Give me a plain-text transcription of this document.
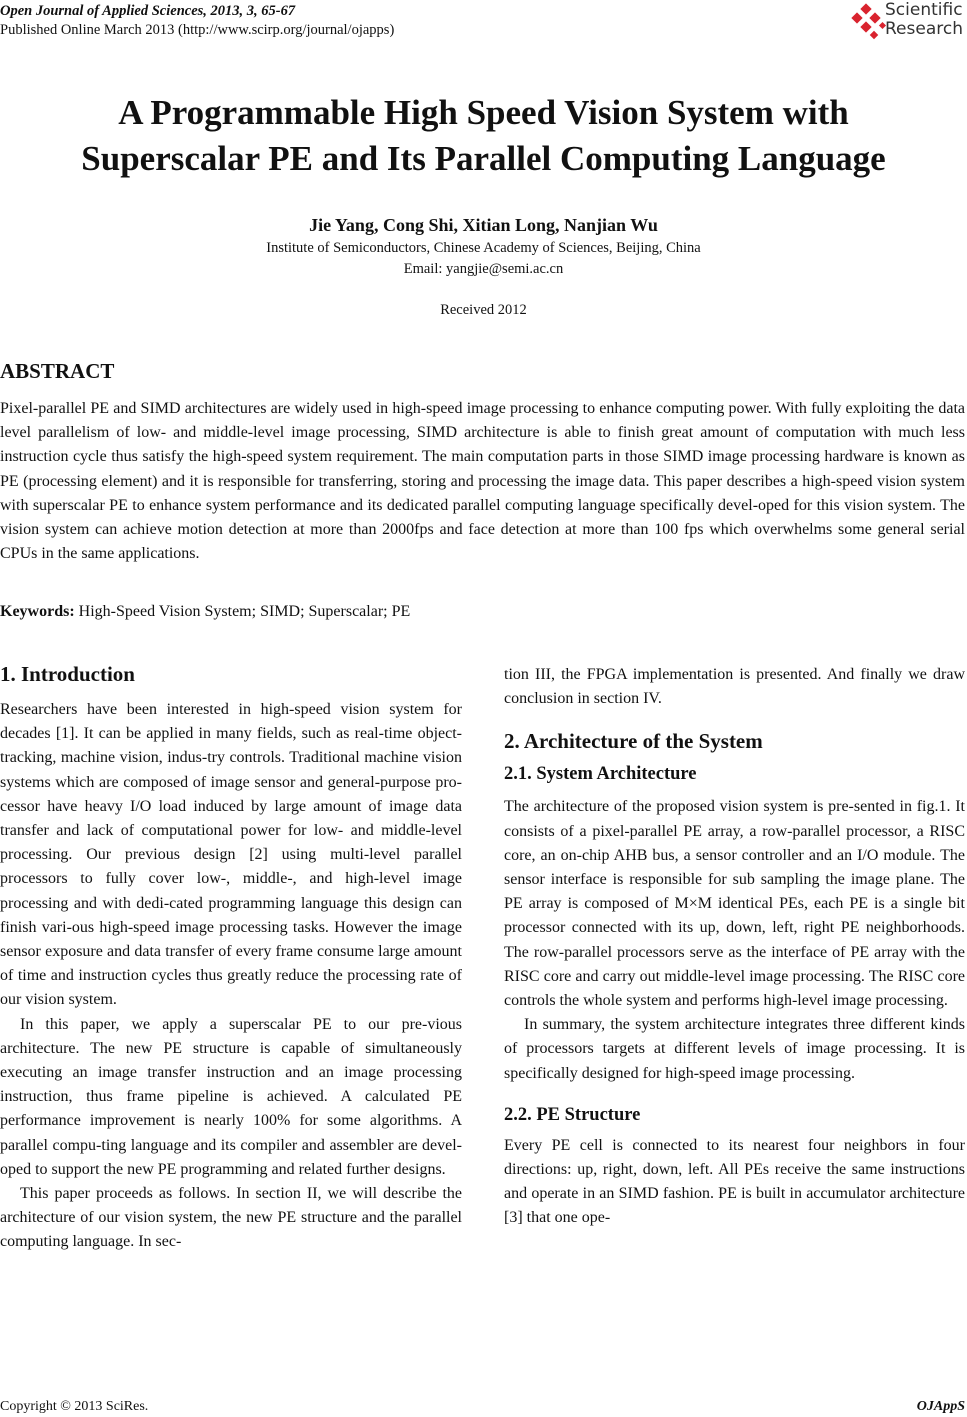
Open Journal of Applied Sciences, 2013, 3, 65-67
Published Online March 2013 (http://www.scirp.org/journal/ojapps)
Scientific
Research
A Programmable High Speed Vision System with
Superscalar PE and Its Parallel Computing Language
Jie Yang, Cong Shi, Xitian Long, Nanjian Wu
Institute of Semiconductors, Chinese Academy of Sciences, Beijing, China
Email: yangjie@semi.ac.cn
Received 2012
ABSTRACT

Pixel-parallel PE and SIMD architectures are widely used in high-speed image processing to enhance computing power. With fully exploiting the data level parallelism of low- and middle-level image processing, SIMD architecture is able to finish great amount of computation with much less instruction cycle thus satisfy the high-speed system requirement. The main computation parts in those SIMD image processing hardware is known as PE (processing element) and it is responsible for transferring, storing and processing the image data. This paper describes a high-speed vision system with superscalar PE to enhance system performance and its dedicated parallel computing language specifically devel-oped for this vision system. The vision system can achieve motion detection at more than 2000fps and face detection at more than 100 fps which overwhelms some general serial CPUs in the same applications.

Keywords: High-Speed Vision System; SIMD; Superscalar; PE
1. Introduction

Researchers have been interested in high-speed vision system for decades [1]. It can be applied in many fields, such as real-time object-tracking, machine vision, indus-try controls. Traditional machine vision systems which are composed of image sensor and general-purpose pro-cessor have heavy I/O load induced by large amount of image data transfer and lack of computational power for low- and middle-level processing. Our previous design [2] using multi-level parallel processors to fully cover low-, middle-, and high-level image processing and with dedi-cated programming language this design can finish vari-ous high-speed image processing tasks. However the image sensor exposure and data transfer of every frame consume large amount of time and instruction cycles thus greatly reduce the processing rate of our vision system.

In this paper, we apply a superscalar PE to our pre-vious architecture. The new PE structure is capable of simultaneously executing an image transfer instruction and an image processing instruction, thus frame pipeline is achieved. A calculated PE performance improvement is nearly 100% for some algorithms. A parallel compu-ting language and its compiler and assembler are devel-oped to support the new PE programming and related further designs.

This paper proceeds as follows. In section II, we will describe the architecture of our vision system, the new PE structure and the parallel computing language. In sec-

tion III, the FPGA implementation is presented. And finally we draw conclusion in section IV.

2. Architecture of the System
2.1. System Architecture

The architecture of the proposed vision system is pre-sented in fig.1. It consists of a pixel-parallel PE array, a row-parallel processor, a RISC core, an on-chip AHB bus, a sensor controller and an I/O module. The sensor interface is responsible for sub sampling the image plane. The PE array is composed of M×M identical PEs, each PE is a single bit processor connected with its up, down, left, right PE neighborhoods. The row-parallel processors serve as the interface of PE array with the RISC core and carry out middle-level image processing. The RISC core controls the whole system and performs high-level image processing.

In summary, the system architecture integrates three different kinds of processors targets at different levels of image processing. It is specifically designed for high-speed image processing.

2.2. PE Structure

Every PE cell is connected to its nearest four neighbors in four directions: up, right, down, left. All PEs receive the same instructions and operate in an SIMD fashion. PE is built in accumulator architecture [3] that one ope-

Copyright © 2013 SciRes.	OJAppS
